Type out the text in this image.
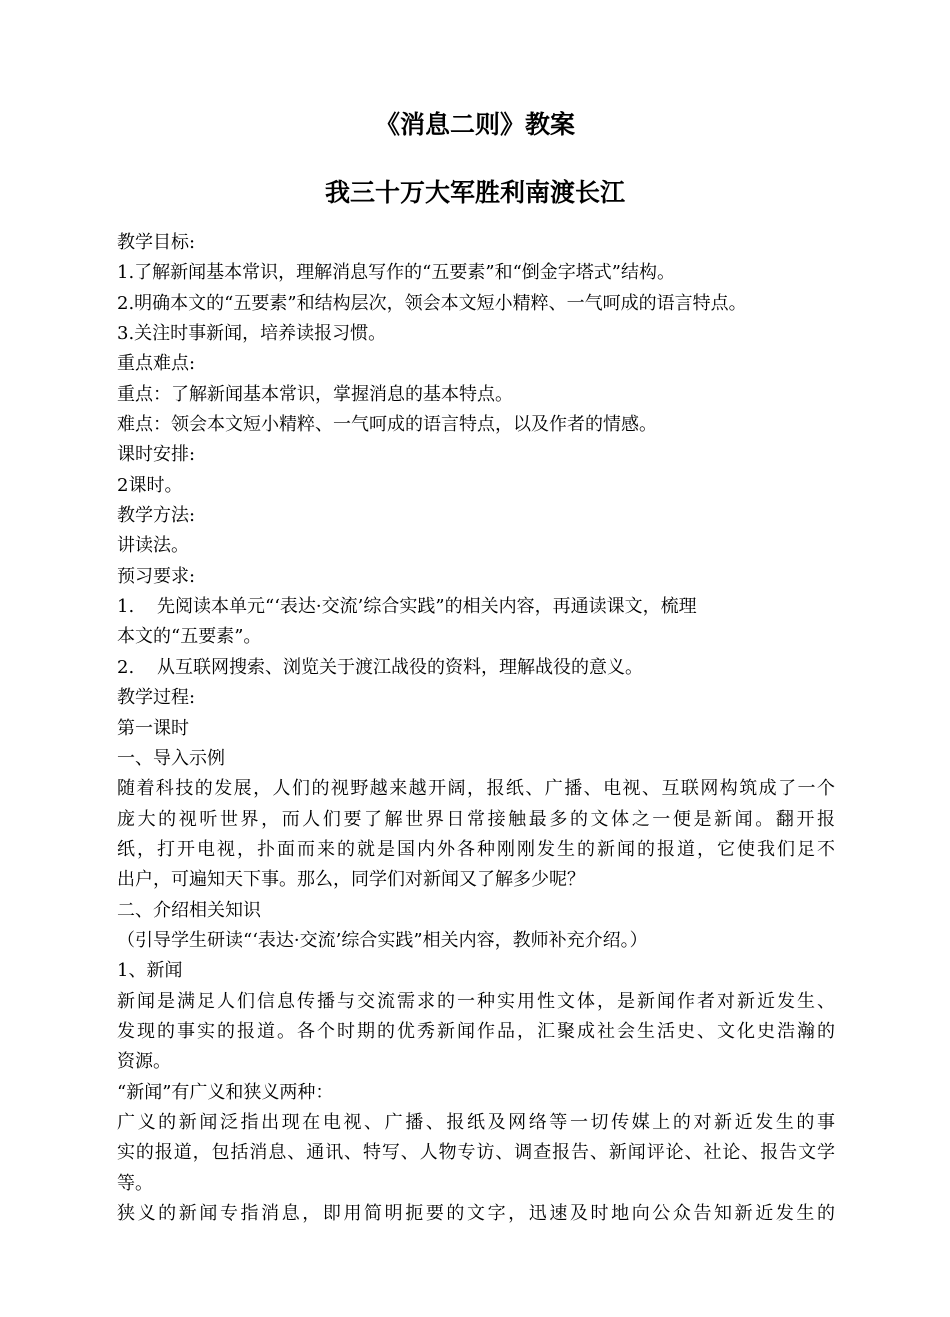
《消息二则》教案
我三十万大军胜利南渡长江
教学目标:
1.了解新闻基本常识，理解消息写作的“五要素”和“倒金字塔式”结构。
2.明确本文的“五要素”和结构层次，领会本文短小精粹、一气呵成的语言特点。
3.关注时事新闻，培养读报习惯。
重点难点:
重点：了解新闻基本常识，掌握消息的基本特点。
难点：领会本文短小精粹、一气呵成的语言特点，以及作者的情感。
课时安排:
2课时。
教学方法:
讲读法。
预习要求:
1. 先阅读本单元“‘表达·交流’综合实践”的相关内容，再通读课文，梳理
本文的“五要素”。
2. 从互联网搜索、浏览关于渡江战役的资料，理解战役的意义。
教学过程:
第一课时
一、导入示例
随着科技的发展，人们的视野越来越开阔，报纸、广播、电视、互联网构筑成了一个
庞大的视听世界，而人们要了解世界日常接触最多的文体之一便是新闻。翻开报
纸，打开电视，扑面而来的就是国内外各种刚刚发生的新闻的报道，它使我们足不
出户，可遍知天下事。那么，同学们对新闻又了解多少呢？
二、介绍相关知识
（引导学生研读“‘表达·交流’综合实践”相关内容，教师补充介绍。）
1、新闻
新闻是满足人们信息传播与交流需求的一种实用性文体，是新闻作者对新近发生、
发现的事实的报道。各个时期的优秀新闻作品，汇聚成社会生活史、文化史浩瀚的
资源。
“新闻”有广义和狭义两种：
广义的新闻泛指出现在电视、广播、报纸及网络等一切传媒上的对新近发生的事
实的报道，包括消息、通讯、特写、人物专访、调查报告、新闻评论、社论、报告文学
等。
狭义的新闻专指消息，即用简明扼要的文字，迅速及时地向公众告知新近发生的
